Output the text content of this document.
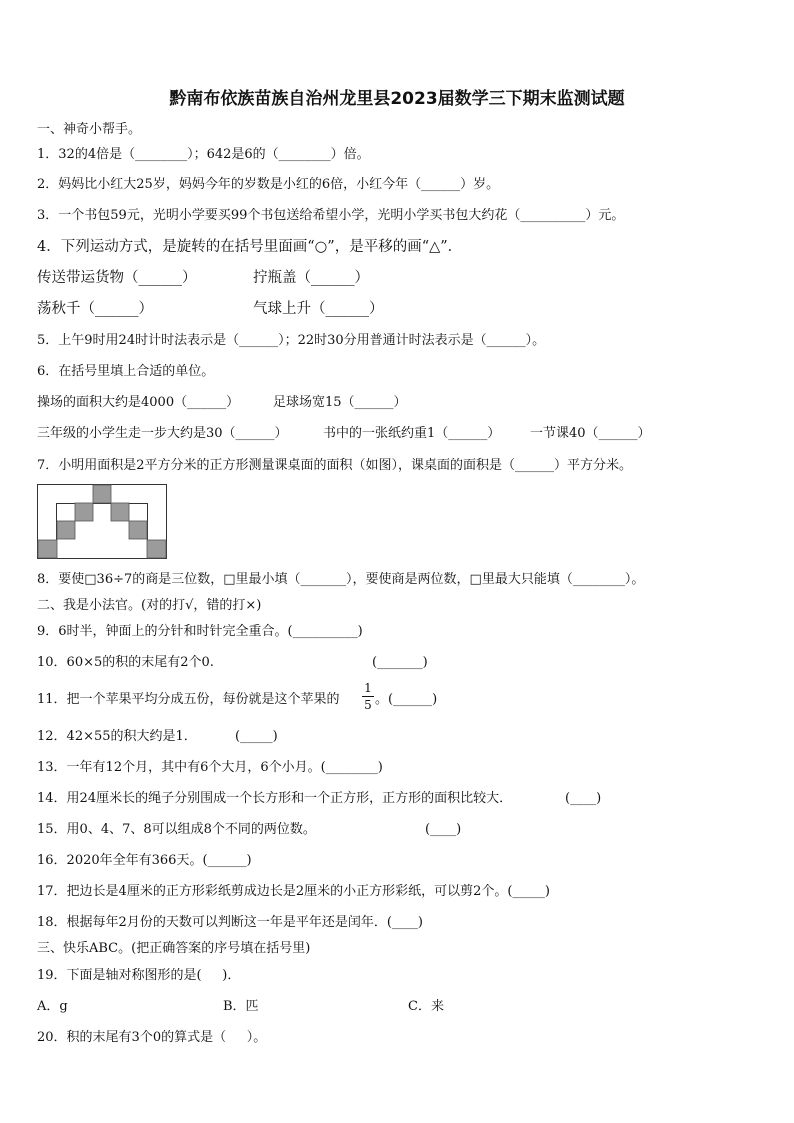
黔南布依族苗族自治州龙里县2023届数学三下期末监测试题
一、神奇小帮手。
1．32的4倍是（________）；642是6的（________）倍。
2．妈妈比小红大25岁，妈妈今年的岁数是小红的6倍，小红今年（______）岁。
3．一个书包59元，光明小学要买99个书包送给希望小学，光明小学买书包大约花（__________）元。
4．下列运动方式，是旋转的在括号里面画“○”，是平移的画“△”．
传送带运货物（______）	拧瓶盖（______）
荡秋千（______）	气球上升（______）
5．上午9时用24时计时法表示是（______）；22时30分用普通计时法表示是（______）。
6．在括号里填上合适的单位。
操场的面积大约是4000（______）	足球场宽15（______）
三年级的小学生走一步大约是30（______）	书中的一张纸约重1（______） 一节课40（______）
7．小明用面积是2平方分米的正方形测量课桌面的面积（如图），课桌面的面积是（______）平方分米。
8．要使□36÷7的商是三位数，□里最小填（_______），要使商是两位数，□里最大只能填（________）。
二、我是小法官。(对的打√，错的打×)
9．6时半，钟面上的分针和时针完全重合。(__________)
10．60×5的积的末尾有2个0.	(_______)
11．把一个苹果平均分成五份，每份就是这个苹果的
1
5 。(______)
12．42×55的积大约是1．	(_____)
13．一年有12个月，其中有6个大月，6个小月。(________)
14．用24厘米长的绳子分别围成一个长方形和一个正方形，正方形的面积比较大．	(____)
15．用0、4、7、8可以组成8个不同的两位数。	(____)
16．2020年全年有366天。(______)
17．把边长是4厘米的正方形彩纸剪成边长是2厘米的小正方形彩纸，可以剪2个。(_____)
18．根据每年2月份的天数可以判断这一年是平年还是闰年．(____)
三、快乐ABC。(把正确答案的序号填在括号里)
19．下面是轴对称图形的是(     )．
A．g	B．匹	C．来
20．积的末尾有3个0的算式是（     ）。
